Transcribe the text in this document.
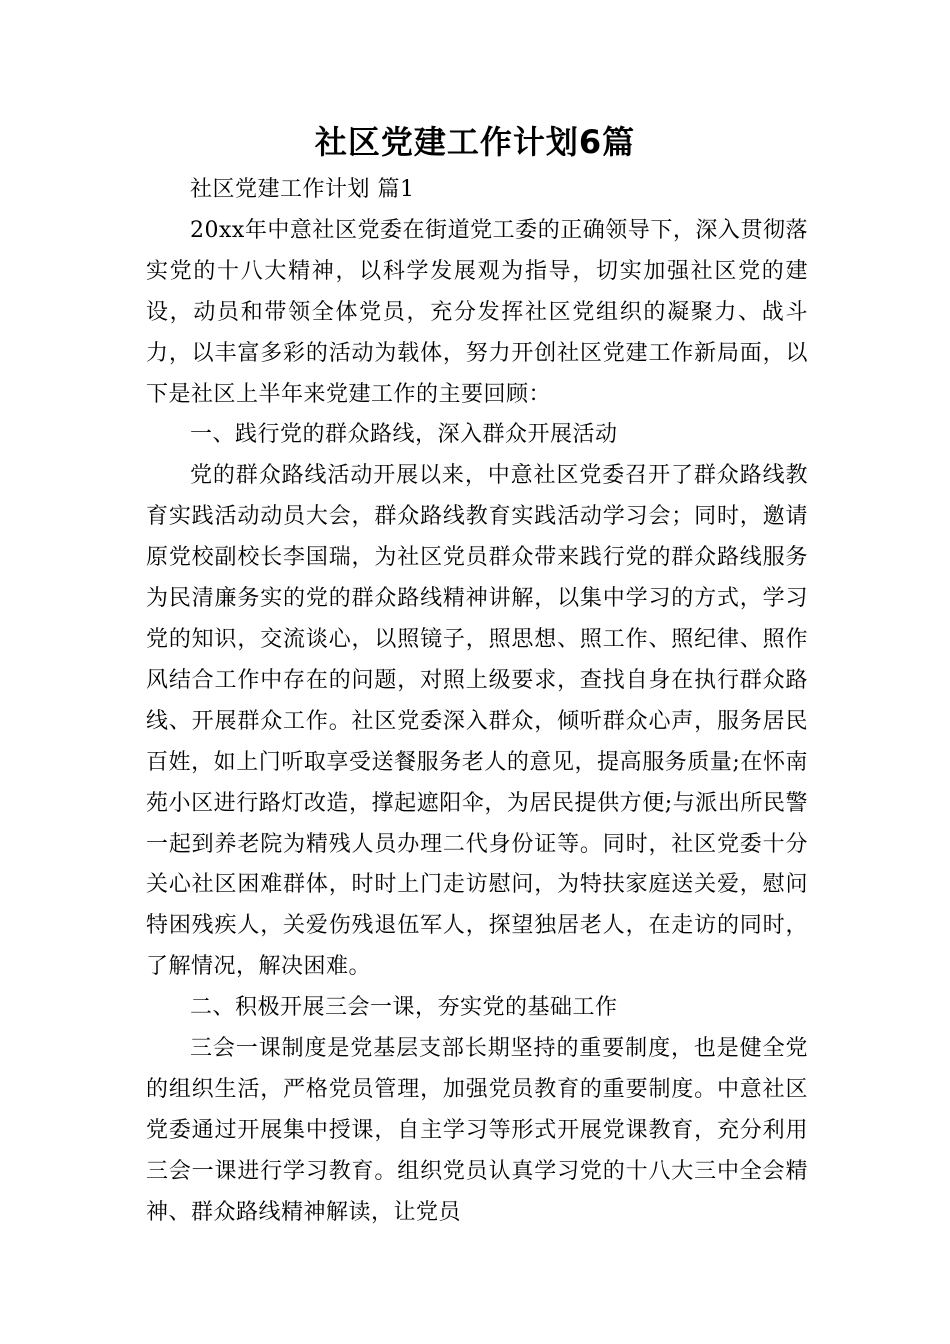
社区党建工作计划6篇

社区党建工作计划 篇1

20xx年中意社区党委在街道党工委的正确领导下，深入贯彻落实党的十八大精神，以科学发展观为指导，切实加强社区党的建设，动员和带领全体党员，充分发挥社区党组织的凝聚力、战斗力，以丰富多彩的活动为载体，努力开创社区党建工作新局面，以下是社区上半年来党建工作的主要回顾：

一、践行党的群众路线，深入群众开展活动

党的群众路线活动开展以来，中意社区党委召开了群众路线教育实践活动动员大会，群众路线教育实践活动学习会；同时，邀请原党校副校长李国瑞，为社区党员群众带来践行党的群众路线服务为民清廉务实的党的群众路线精神讲解，以集中学习的方式，学习党的知识，交流谈心，以照镜子，照思想、照工作、照纪律、照作风结合工作中存在的问题，对照上级要求，查找自身在执行群众路线、开展群众工作。社区党委深入群众，倾听群众心声，服务居民百姓，如上门听取享受送餐服务老人的意见，提高服务质量;在怀南苑小区进行路灯改造，撑起遮阳伞，为居民提供方便;与派出所民警一起到养老院为精残人员办理二代身份证等。同时，社区党委十分关心社区困难群体，时时上门走访慰问，为特扶家庭送关爱，慰问特困残疾人，关爱伤残退伍军人，探望独居老人，在走访的同时，了解情况，解决困难。

二、积极开展三会一课，夯实党的基础工作

三会一课制度是党基层支部长期坚持的重要制度，也是健全党的组织生活，严格党员管理，加强党员教育的重要制度。中意社区党委通过开展集中授课，自主学习等形式开展党课教育，充分利用三会一课进行学习教育。组织党员认真学习党的十八大三中全会精神、群众路线精神解读，让党员
